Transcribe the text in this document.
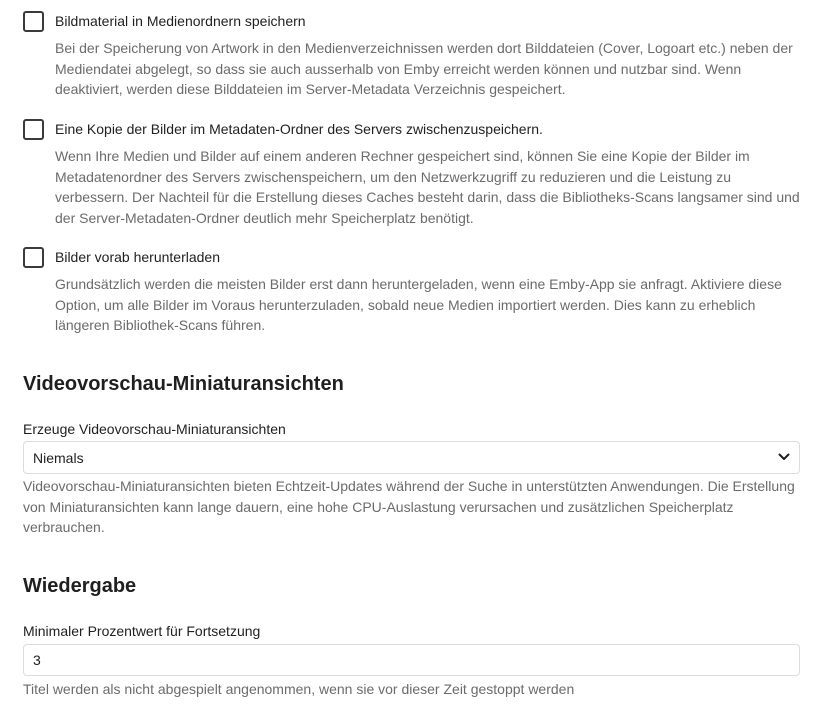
Bildmaterial in Medienordnern speichern
Bei der Speicherung von Artwork in den Medienverzeichnissen werden dort Bilddateien (Cover, Logoart etc.) neben der Mediendatei abgelegt, so dass sie auch ausserhalb von Emby erreicht werden können und nutzbar sind. Wenn deaktiviert, werden diese Bilddateien im Server-Metadata Verzeichnis gespeichert.
Eine Kopie der Bilder im Metadaten-Ordner des Servers zwischenzuspeichern.
Wenn Ihre Medien und Bilder auf einem anderen Rechner gespeichert sind, können Sie eine Kopie der Bilder im Metadatenordner des Servers zwischenspeichern, um den Netzwerkzugriff zu reduzieren und die Leistung zu verbessern. Der Nachteil für die Erstellung dieses Caches besteht darin, dass die Bibliotheks-Scans langsamer sind und der Server-Metadaten-Ordner deutlich mehr Speicherplatz benötigt.
Bilder vorab herunterladen
Grundsätzlich werden die meisten Bilder erst dann heruntergeladen, wenn eine Emby-App sie anfragt. Aktiviere diese Option, um alle Bilder im Voraus herunterzuladen, sobald neue Medien importiert werden. Dies kann zu erheblich längeren Bibliothek-Scans führen.
Videovorschau-Miniaturansichten
Erzeuge Videovorschau-Miniaturansichten
Niemals
Videovorschau-Miniaturansichten bieten Echtzeit-Updates während der Suche in unterstützten Anwendungen. Die Erstellung von Miniaturansichten kann lange dauern, eine hohe CPU-Auslastung verursachen und zusätzlichen Speicherplatz verbrauchen.
Wiedergabe
Minimaler Prozentwert für Fortsetzung
3
Titel werden als nicht abgespielt angenommen, wenn sie vor dieser Zeit gestoppt werden
